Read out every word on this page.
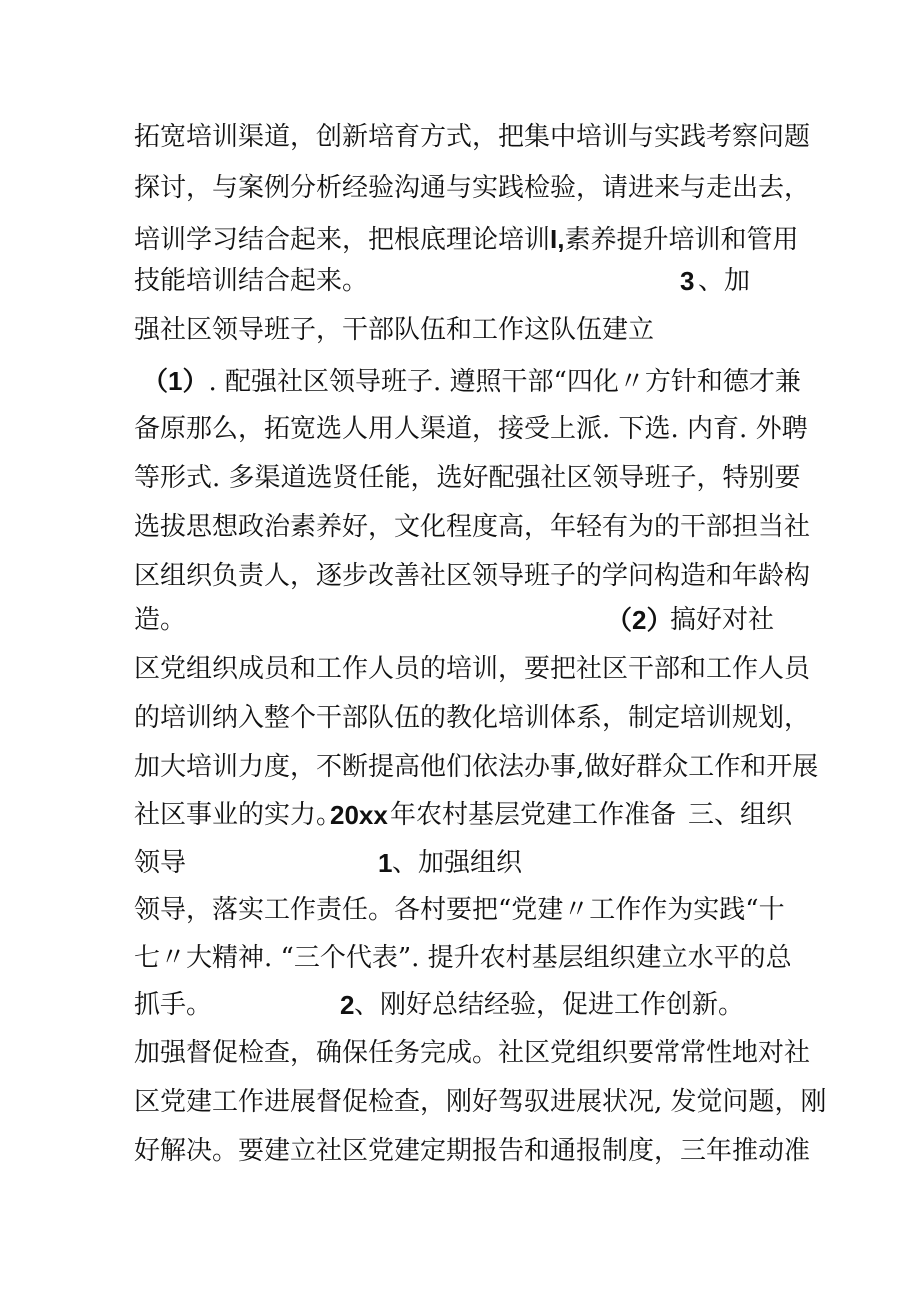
拓宽培训渠道，创新培育方式，把集中培训与实践考察问题
探讨，与案例分析经验沟通与实践检验，请进来与走出去，
培训学习结合起来，把根底理论培训I,素养提升培训和管用
技能培训结合起来。	3 、加
强社区领导班子，干部队伍和工作这队伍建立
（1）. 配强社区领导班子. 遵照干部“四化〃方针和德才兼
备原那么，拓宽选人用人渠道，接受上派. 下选. 内育. 外聘
等形式. 多渠道选贤任能，选好配强社区领导班子，特别要
选拔思想政治素养好，文化程度高，年轻有为的干部担当社
区组织负责人，逐步改善社区领导班子的学问构造和年龄构
造。	（2）
搞好对社
区党组织成员和工作人员的培训，要把社区干部和工作人员
的培训纳入整个干部队伍的教化培训体系，制定培训规划，
加大培训力度，不断提高他们依法办事,做好群众工作和开展
社区事业的实力。
20xx 年农村基层党建工作准备 三、组织
领导	1 、加强组织
领导，落实工作责任。各村要把“党建〃工作作为实践“十
七〃大精神. “三个代表”. 提升农村基层组织建立水平的总
抓手。	2 、刚好总结经验，促进工作创新。
加强督促检查，确保任务完成。社区党组织要常常性地对社
区党建工作进展督促检查，刚好驾驭进展状况, 发觉问题，刚
好解决。要建立社区党建定期报告和通报制度，三年推动准
